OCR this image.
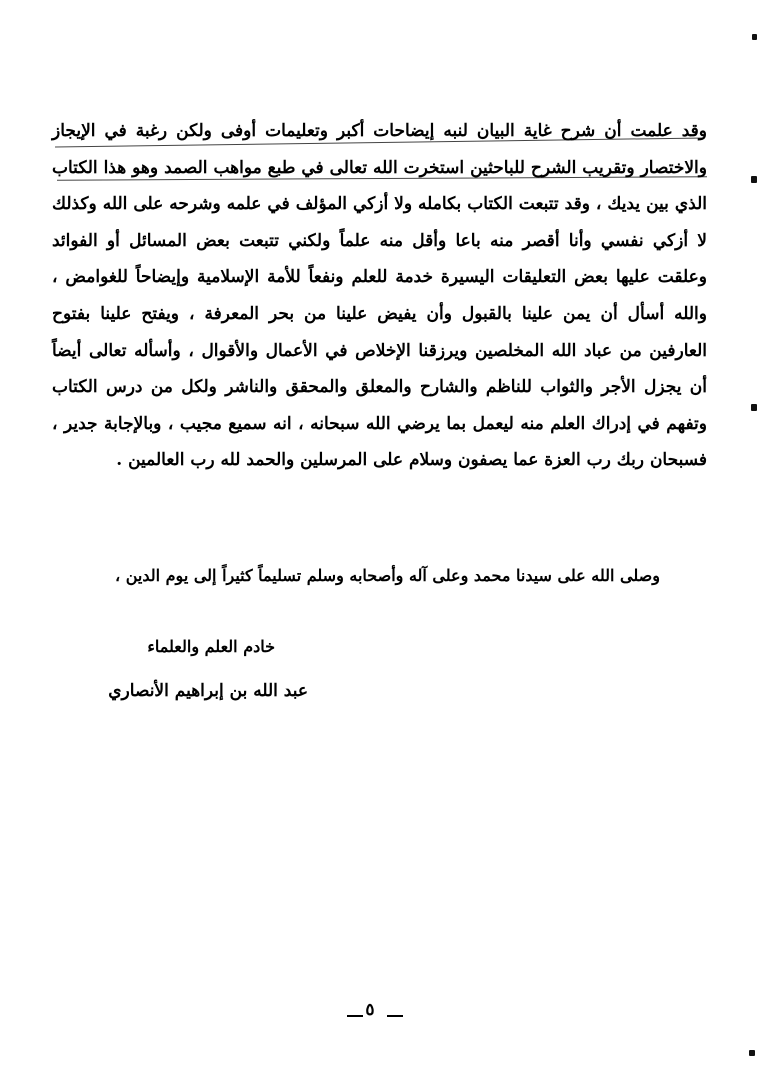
وقد علمت أن شرح غاية البيان لنبه إيضاحات أكبر وتعليمات أوفى ولكن رغبة في الإيجاز والاختصار وتقريب الشرح للباحثين استخرت الله تعالى في طبع مواهب الصمد وهو هذا الكتاب الذي بين يديك ، وقد تتبعت الكتاب بكامله ولا أزكي المؤلف في علمه وشرحه على الله وكذلك لا أزكي نفسي وأنا أقصر منه باعا وأقل منه علماً ولكني تتبعت بعض المسائل أو الفوائد وعلقت عليها بعض التعليقات اليسيرة خدمة للعلم ونفعاً للأمة الإسلامية وإيضاحاً للغوامض ، والله أسأل أن يمن علينا بالقبول وأن يفيض علينا من بحر المعرفة ، ويفتح علينا بفتوح العارفين من عباد الله المخلصين ويرزقنا الإخلاص في الأعمال والأقوال ، وأسأله تعالى أيضاً أن يجزل الأجر والثواب للناظم والشارح والمعلق والمحقق والناشر ولكل من درس الكتاب وتفهم في إدراك العلم منه ليعمل بما يرضي الله سبحانه ، انه سميع مجيب ، وبالإجابة جدير ، فسبحان ربك رب العزة عما يصفون وسلام على المرسلين والحمد لله رب العالمين .

وصلى الله على سيدنا محمد وعلى آله وأصحابه وسلم تسليماً كثيراً إلى يوم الدين ،
خادم العلم والعلماء
عبد الله بن إبراهيم الأنصاري
٥
